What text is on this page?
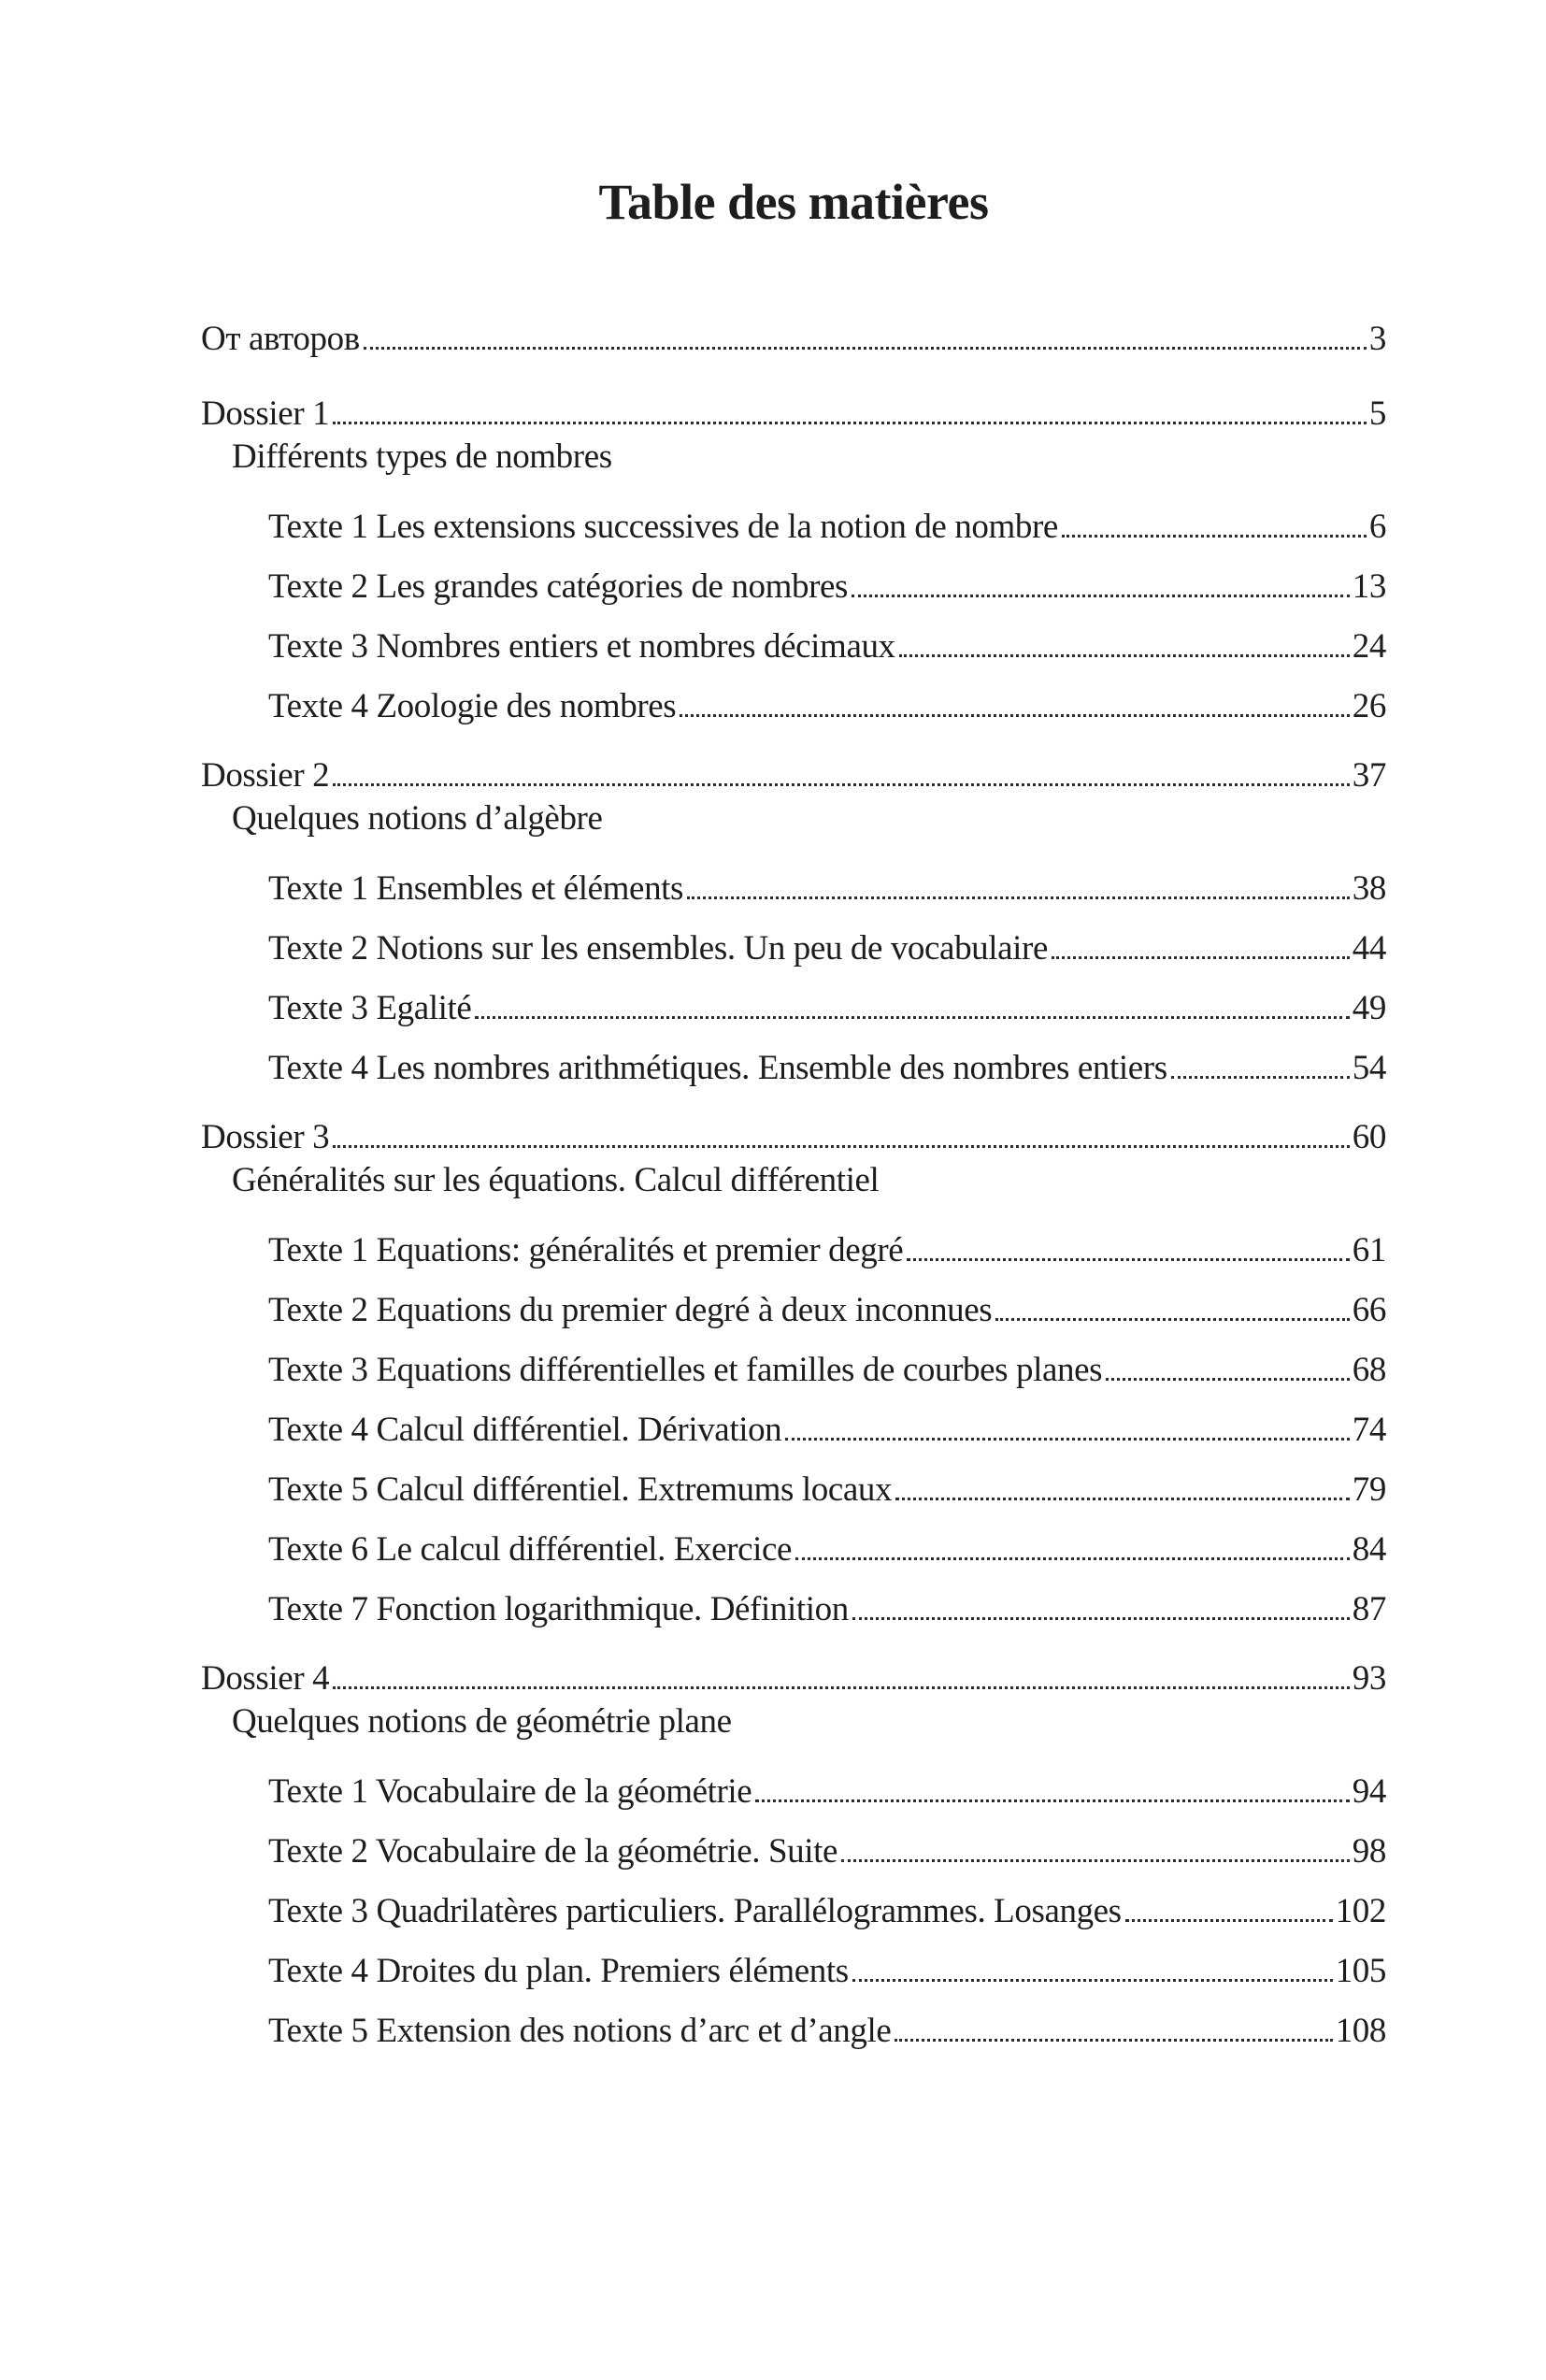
Table des matières
От авторов	3
Dossier 1	5
Différents types de nombres
Texte 1 Les extensions successives de la notion de nombre	6
Texte 2 Les grandes catégories de nombres	13
Texte 3 Nombres entiers et nombres décimaux	24
Texte 4 Zoologie des nombres	26
Dossier 2	37
Quelques notions d’algèbre
Texte 1 Ensembles et éléments	38
Texte 2 Notions sur les ensembles. Un peu de vocabulaire	44
Texte 3 Egalité	49
Texte 4 Les nombres arithmétiques. Ensemble des nombres entiers	54
Dossier 3	60
Généralités sur les équations. Calcul différentiel
Texte 1 Equations: généralités et premier degré	61
Texte 2 Equations du premier degré à deux inconnues	66
Texte 3 Equations différentielles et familles de courbes planes	68
Texte 4 Calcul différentiel. Dérivation	74
Texte 5 Calcul différentiel. Extremums locaux	79
Texte 6 Le calcul différentiel. Exercice	84
Texte 7 Fonction logarithmique. Définition	87
Dossier 4	93
Quelques notions de géométrie plane
Texte 1 Vocabulaire de la géométrie	94
Texte 2 Vocabulaire de la géométrie. Suite	98
Texte 3 Quadrilatères particuliers. Parallélogrammes. Losanges	102
Texte 4 Droites du plan. Premiers éléments	105
Texte 5 Extension des notions d’arc et d’angle	108
